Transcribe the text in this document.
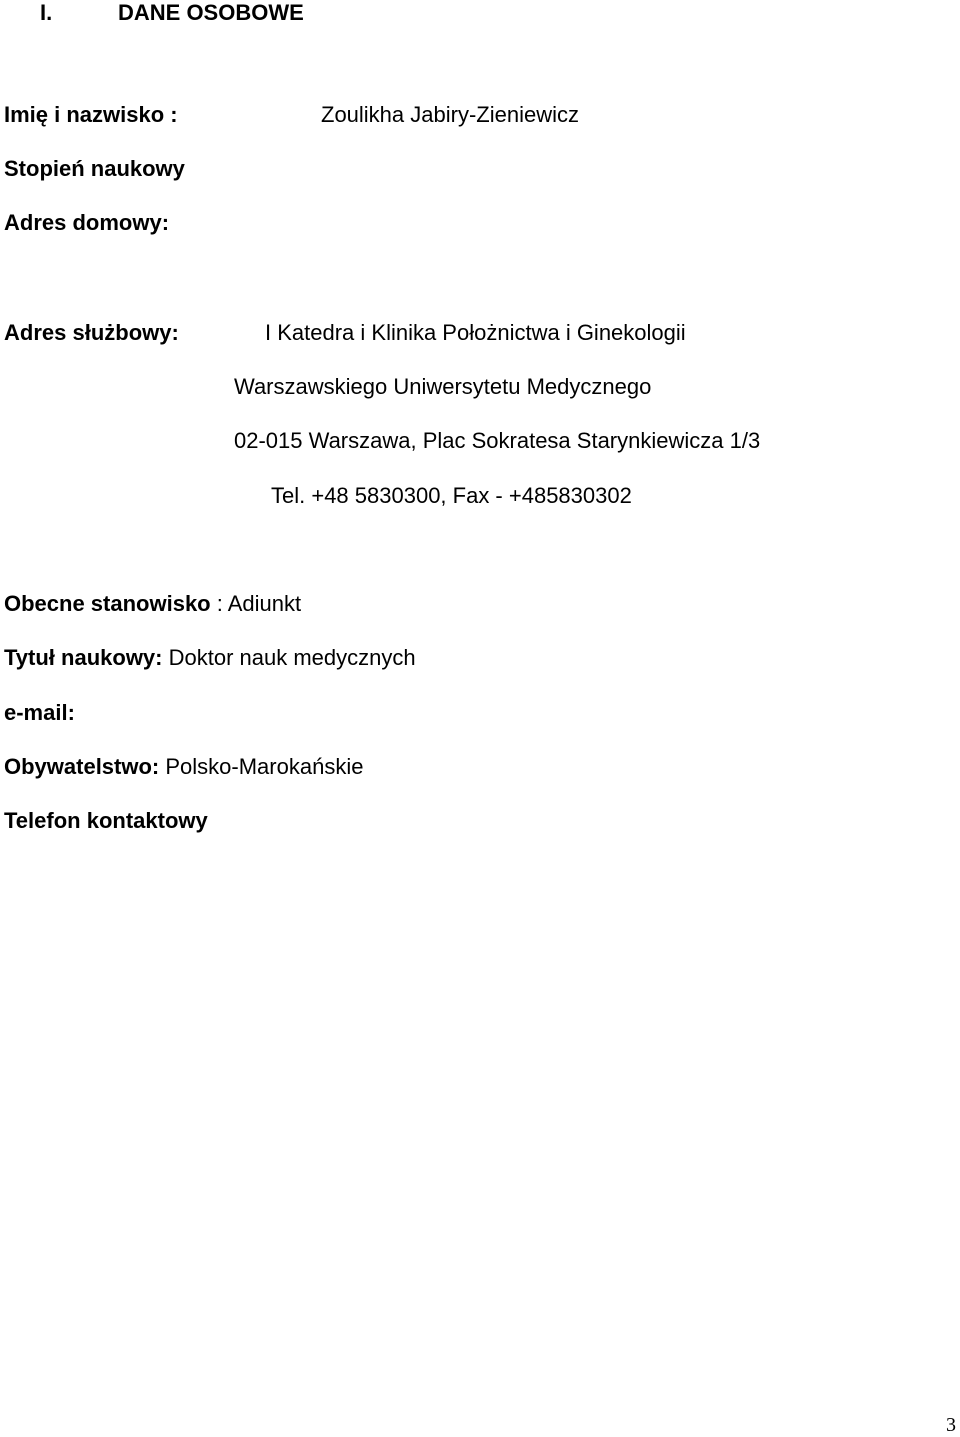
I.	DANE OSOBOWE
Imię i nazwisko :	Zoulikha Jabiry-Zieniewicz
Stopień naukowy
Adres domowy:
Adres służbowy:	I Katedra i Klinika Położnictwa i Ginekologii
Warszawskiego Uniwersytetu Medycznego
02-015 Warszawa, Plac Sokratesa Starynkiewicza 1/3
Tel. +48 5830300, Fax - +485830302
Obecne stanowisko : Adiunkt
Tytuł naukowy: Doktor nauk medycznych
e-mail:
Obywatelstwo: Polsko-Marokańskie
Telefon kontaktowy
3
